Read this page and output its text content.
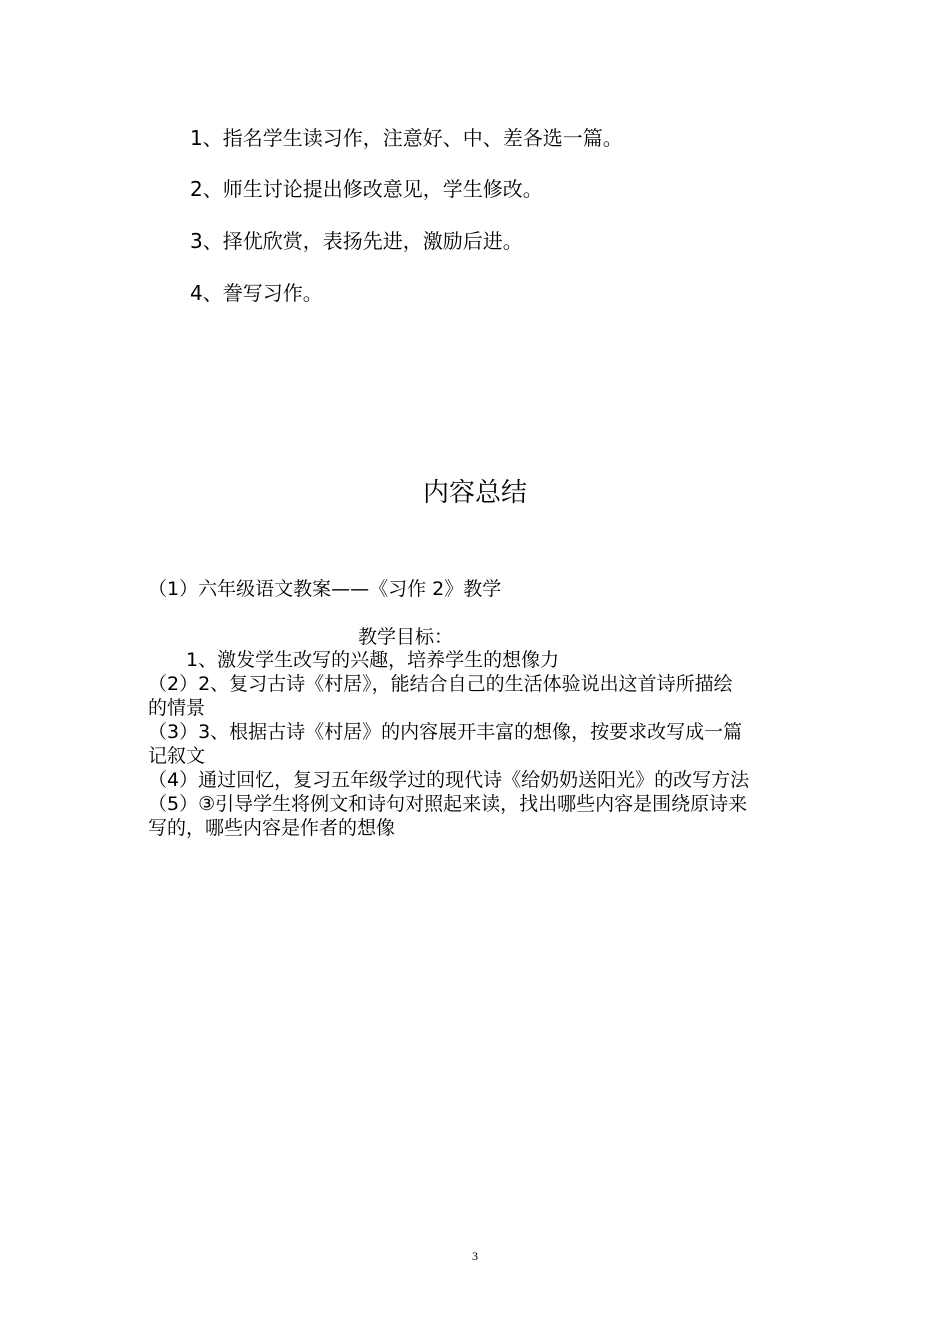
1、指名学生读习作，注意好、中、差各选一篇。
2、师生讨论提出修改意见，学生修改。
3、择优欣赏，表扬先进，激励后进。
4、誊写习作。
内容总结
（1）六年级语文教案——《习作 2》教学
教学目标：
1、激发学生改写的兴趣，培养学生的想像力
（2）2、复习古诗《村居》，能结合自己的生活体验说出这首诗所描绘
的情景
（3）3、根据古诗《村居》的内容展开丰富的想像，按要求改写成一篇
记叙文
（4）通过回忆，复习五年级学过的现代诗《给奶奶送阳光》的改写方法
（5）③引导学生将例文和诗句对照起来读，找出哪些内容是围绕原诗来
写的，哪些内容是作者的想像
3
